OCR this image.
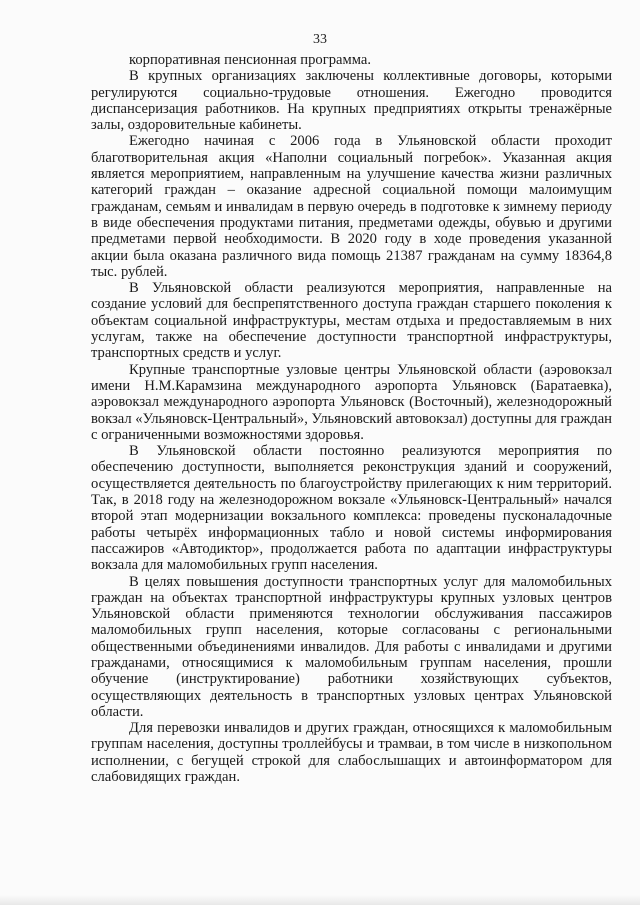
33

корпоративная пенсионная программа.

В крупных организациях заключены коллективные договоры, которыми регулируются социально-трудовые отношения. Ежегодно проводится диспансеризация работников. На крупных предприятиях открыты тренажёрные залы, оздоровительные кабинеты.

Ежегодно начиная с 2006 года в Ульяновской области проходит благотворительная акция «Наполни социальный погребок». Указанная акция является мероприятием, направленным на улучшение качества жизни различных категорий граждан – оказание адресной социальной помощи малоимущим гражданам, семьям и инвалидам в первую очередь в подготовке к зимнему периоду в виде обеспечения продуктами питания, предметами одежды, обувью и другими предметами первой необходимости. В 2020 году в ходе проведения указанной акции была оказана различного вида помощь 21387 гражданам на сумму 18364,8 тыс. рублей.

В Ульяновской области реализуются мероприятия, направленные на создание условий для беспрепятственного доступа граждан старшего поколения к объектам социальной инфраструктуры, местам отдыха и предоставляемым в них услугам, также на обеспечение доступности транспортной инфраструктуры, транспортных средств и услуг.

Крупные транспортные узловые центры Ульяновской области (аэровокзал имени Н.М.Карамзина международного аэропорта Ульяновск (Баратаевка), аэровокзал международного аэропорта Ульяновск (Восточный), железнодорожный вокзал «Ульяновск-Центральный», Ульяновский автовокзал) доступны для граждан с ограниченными возможностями здоровья.

В Ульяновской области постоянно реализуются мероприятия по обеспечению доступности, выполняется реконструкция зданий и сооружений, осуществляется деятельность по благоустройству прилегающих к ним территорий. Так, в 2018 году на железнодорожном вокзале «Ульяновск-Центральный» начался второй этап модернизации вокзального комплекса: проведены пусконаладочные работы четырёх информационных табло и новой системы информирования пассажиров «Автодиктор», продолжается работа по адаптации инфраструктуры вокзала для маломобильных групп населения.

В целях повышения доступности транспортных услуг для маломобильных граждан на объектах транспортной инфраструктуры крупных узловых центров Ульяновской области применяются технологии обслуживания пассажиров маломобильных групп населения, которые согласованы с региональными общественными объединениями инвалидов. Для работы с инвалидами и другими гражданами, относящимися к маломобильным группам населения, прошли обучение (инструктирование) работники хозяйствующих субъектов, осуществляющих деятельность в транспортных узловых центрах Ульяновской области.

Для перевозки инвалидов и других граждан, относящихся к маломобильным группам населения, доступны троллейбусы и трамваи, в том числе в низкопольном исполнении, с бегущей строкой для слабослышащих и автоинформатором для слабовидящих граждан.
